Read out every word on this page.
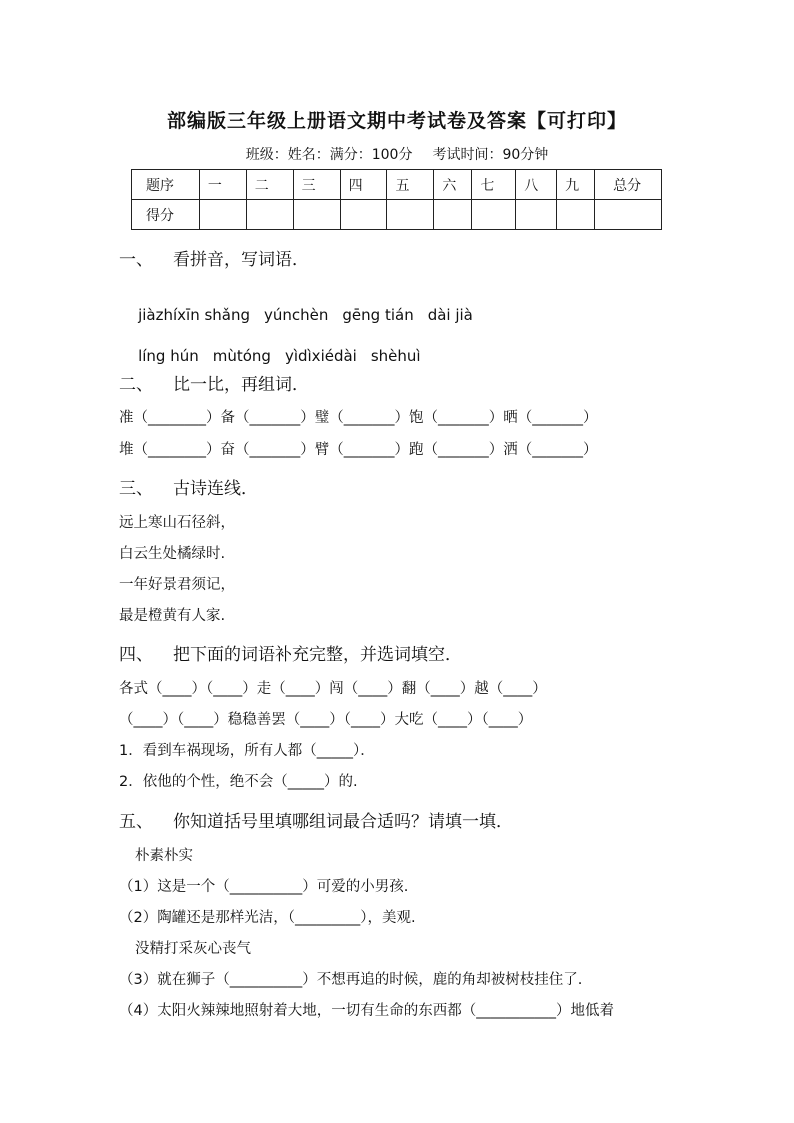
部编版三年级上册语文期中考试卷及答案【可打印】
班级：姓名：满分：100分 考试时间：90分钟
题序	一	二	三	四	五	六	七	八	九	总分
得分										
一、 看拼音，写词语．

jiàzhíxīn shǎng yúnchèn gēng tián dài jià

líng hún mùtóng yìdìxiédài shèhuì

二、 比一比，再组词．
准（________）备（_______）璧（_______）饱（_______）晒（_______）
堆（________）奋（_______）臂（_______）跑（_______）洒（_______）
三、 古诗连线．
远上寒山石径斜，
白云生处橘绿时.
一年好景君须记，
最是橙黄有人家.
四、 把下面的词语补充完整，并选词填空．
各式（____）（____）走（____）闯（____）翻（____）越（____）
（____）（____）稳稳善罢（____）（____）大吃（____）（____）
1．看到车祸现场，所有人都（_____）．
2．依他的个性，绝不会（_____）的.
五、 你知道括号里填哪组词最合适吗？请填一填．
朴素朴实
（1）这是一个（__________）可爱的小男孩.
（2）陶罐还是那样光洁，（_________），美观.
没精打采灰心丧气
（3）就在狮子（__________）不想再追的时候，鹿的角却被树枝挂住了.
（4）太阳火辣辣地照射着大地，一切有生命的东西都（___________）地低着
